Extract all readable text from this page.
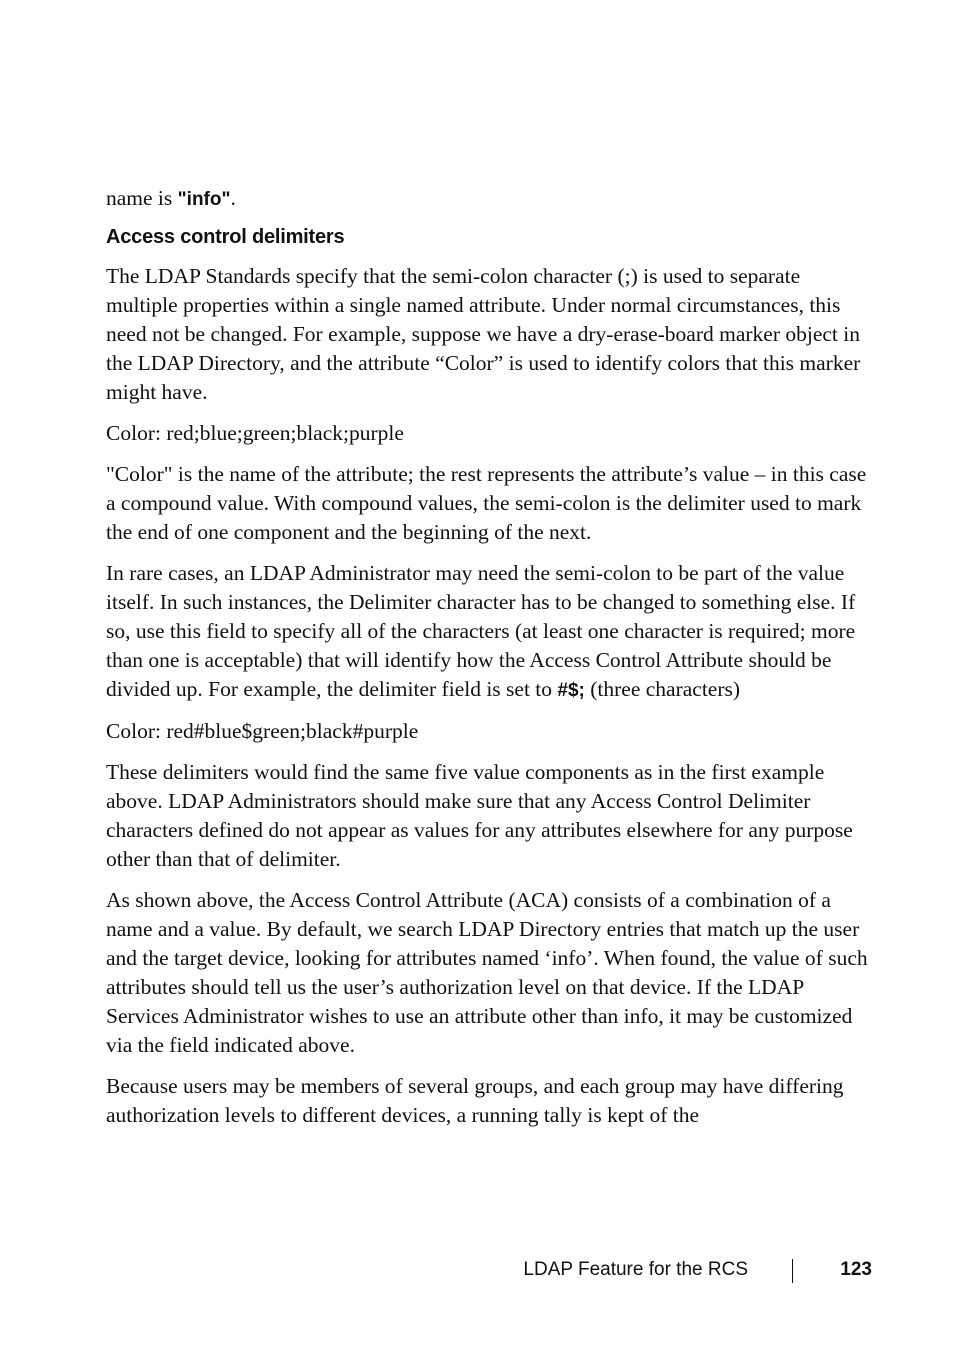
name is "info".

Access control delimiters

The LDAP Standards specify that the semi-colon character (;) is used to separate multiple properties within a single named attribute. Under normal circumstances, this need not be changed. For example, suppose we have a dry-erase-board marker object in the LDAP Directory, and the attribute “Color” is used to identify colors that this marker might have.

Color: red;blue;green;black;purple

"Color" is the name of the attribute; the rest represents the attribute’s value – in this case a compound value. With compound values, the semi-colon is the delimiter used to mark the end of one component and the beginning of the next.

In rare cases, an LDAP Administrator may need the semi-colon to be part of the value itself. In such instances, the Delimiter character has to be changed to something else. If so, use this field to specify all of the characters (at least one character is required; more than one is acceptable) that will identify how the Access Control Attribute should be divided up. For example, the delimiter field is set to #$; (three characters)

Color: red#blue$green;black#purple

These delimiters would find the same five value components as in the first example above. LDAP Administrators should make sure that any Access Control Delimiter characters defined do not appear as values for any attributes elsewhere for any purpose other than that of delimiter.

As shown above, the Access Control Attribute (ACA) consists of a combination of a name and a value. By default, we search LDAP Directory entries that match up the user and the target device, looking for attributes named ‘info’. When found, the value of such attributes should tell us the user’s authorization level on that device. If the LDAP Services Administrator wishes to use an attribute other than info, it may be customized via the field indicated above.

Because users may be members of several groups, and each group may have differing authorization levels to different devices, a running tally is kept of the

LDAP Feature for the RCS	123
